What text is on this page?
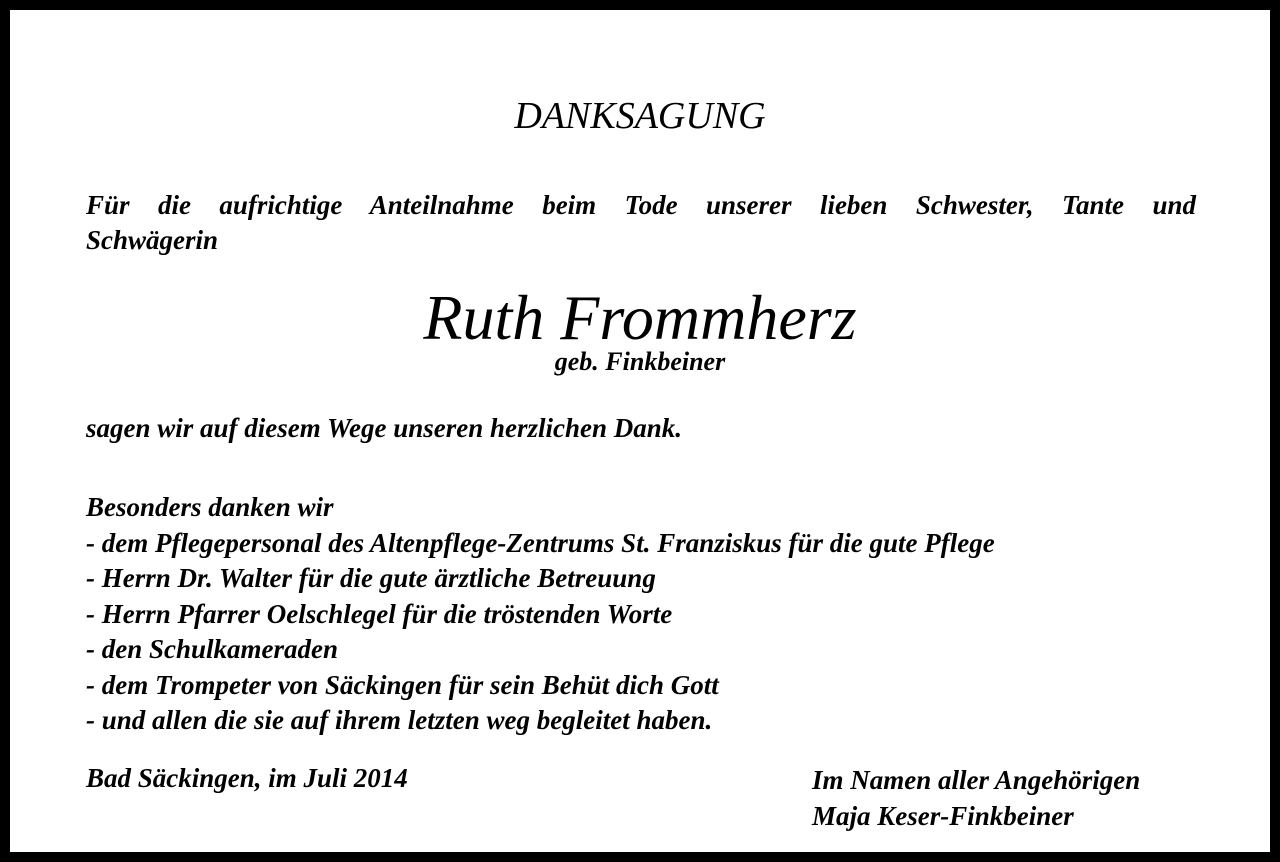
DANKSAGUNG
Für die aufrichtige Anteilnahme beim Tode unserer lieben Schwester, Tante und
Schwägerin
Ruth Frommherz
geb. Finkbeiner
sagen wir auf diesem Wege unseren herzlichen Dank.
Besonders danken wir
- dem Pflegepersonal des Altenpflege-Zentrums St. Franziskus für die gute Pflege
- Herrn Dr. Walter für die gute ärztliche Betreuung
- Herrn Pfarrer Oelschlegel für die tröstenden Worte
- den Schulkameraden
- dem Trompeter von Säckingen für sein Behüt dich Gott
- und allen die sie auf ihrem letzten weg begleitet haben.
Bad Säckingen, im Juli 2014	Im Namen aller Angehörigen
Maja Keser-Finkbeiner
